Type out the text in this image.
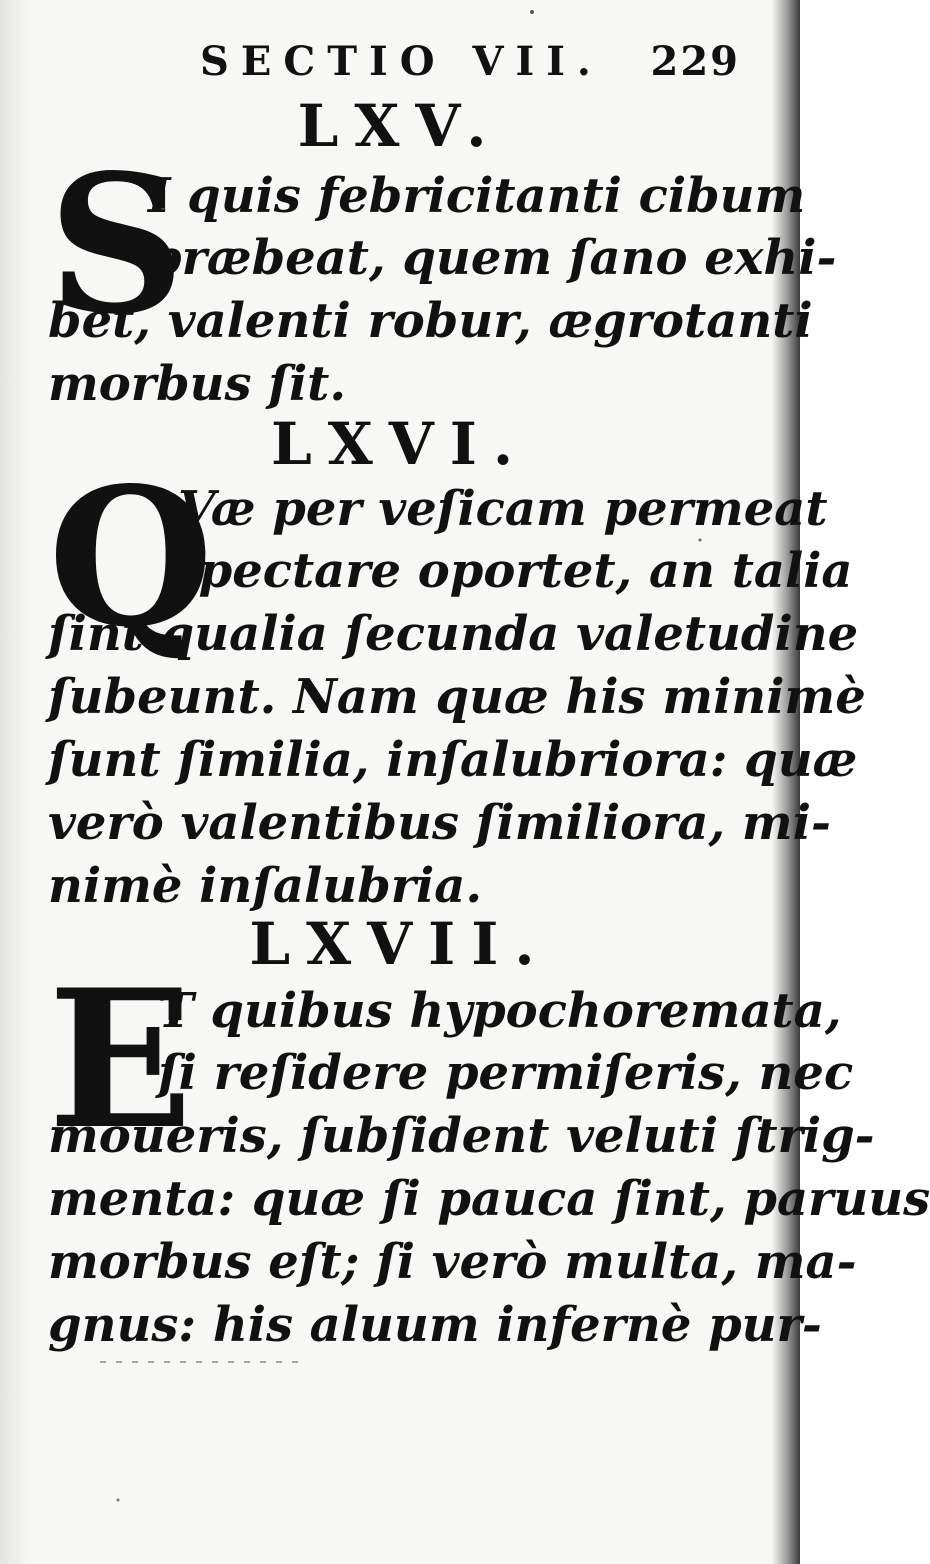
SECTIO VII. 229
LXV.
S
I quis febricitanti cibum
præbeat, quem ſano exhi-
bet, valenti robur, ægrotanti
morbus ſit.
LXVI.
Q
Væ per veſicam permeat
ſpectare oportet, an talia
ſint qualia ſecunda valetudine
ſubeunt. Nam quæ his minimè
ſunt ſimilia, inſalubriora: quæ
verò valentibus ſimiliora, mi-
nimè inſalubria.
LXVII.
E
T quibus hypochoremata,
ſi reſidere permiſeris, nec
moueris, ſubſident veluti ſtrig-
menta: quæ ſi pauca ſint, paruus
morbus eſt; ſi verò multa, ma-
gnus: his aluum infernè pur-
